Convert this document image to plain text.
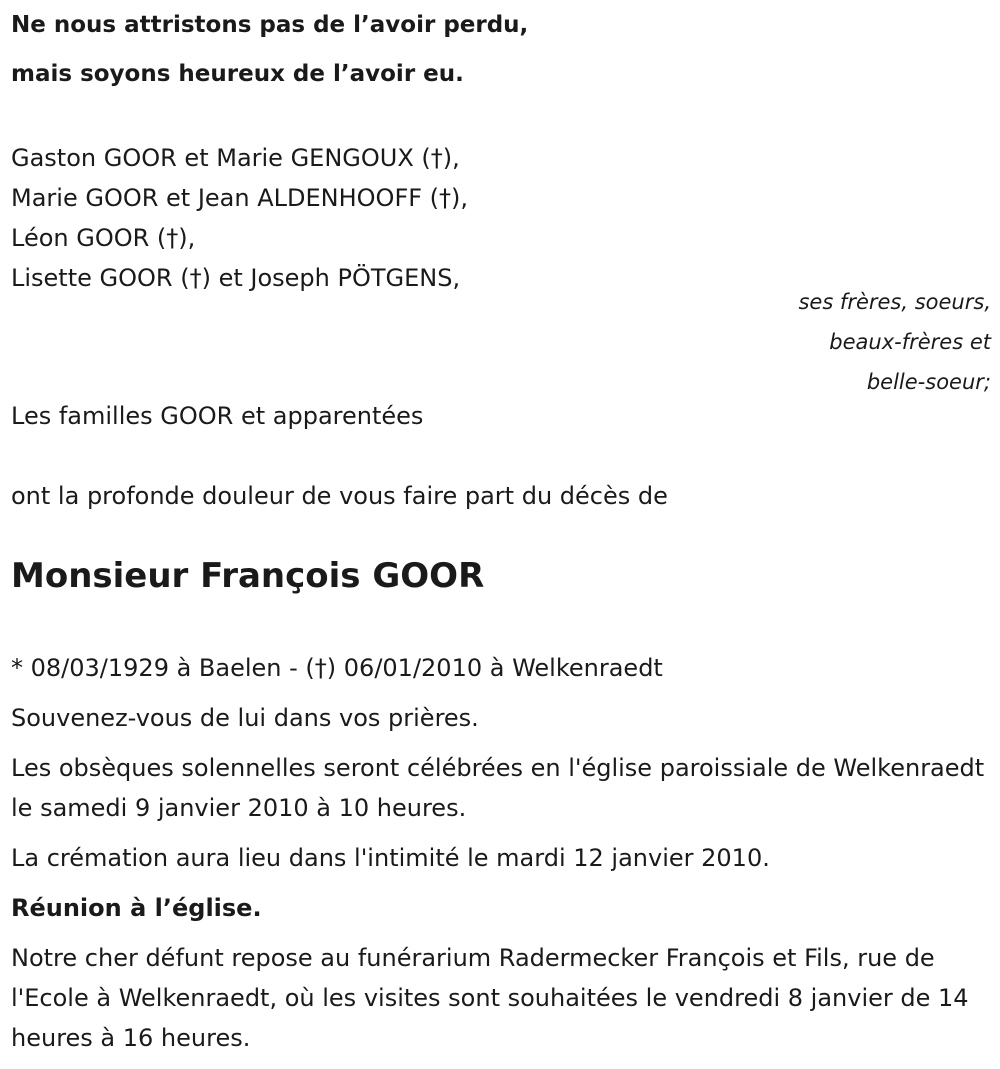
Ne nous attristons pas de l’avoir perdu,
mais soyons heureux de l’avoir eu.
Gaston GOOR et Marie GENGOUX (†),
Marie GOOR et Jean ALDENHOOFF (†),
Léon GOOR (†),
Lisette GOOR (†) et Joseph PÖTGENS,
ses frères, soeurs,
beaux-frères et
belle-soeur;
Les familles GOOR et apparentées
ont la profonde douleur de vous faire part du décès de
Monsieur François GOOR

* 08/03/1929 à Baelen - (†) 06/01/2010 à Welkenraedt

Souvenez-vous de lui dans vos prières.

Les obsèques solennelles seront célébrées en l'église paroissiale de Welkenraedt le samedi 9 janvier 2010 à 10 heures.

La crémation aura lieu dans l'intimité le mardi 12 janvier 2010.

Réunion à l’église.

Notre cher défunt repose au funérarium Radermecker François et Fils, rue de l'Ecole à Welkenraedt, où les visites sont souhaitées le vendredi 8 janvier de 14 heures à 16 heures.
